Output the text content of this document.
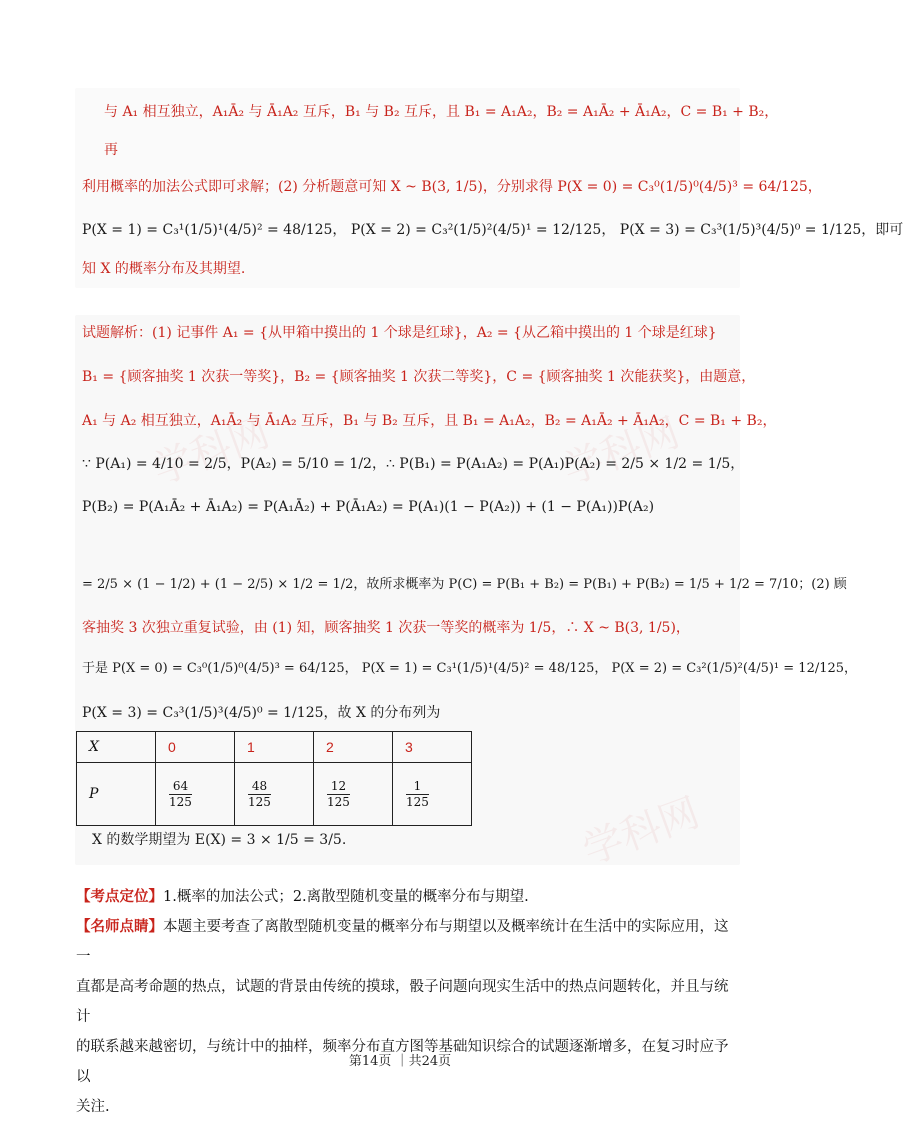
学科网	学科网
学科网
与 A₁ 相互独立，A₁Ā₂ 与 Ā₁A₂ 互斥，B₁ 与 B₂ 互斥，且 B₁ = A₁A₂，B₂ = A₁Ā₂ + Ā₁A₂，C = B₁ + B₂，
再
利用概率的加法公式即可求解；(2) 分析题意可知 X ~ B(3, 1/5)，分别求得 P(X = 0) = C₃⁰(1/5)⁰(4/5)³ = 64/125，
P(X = 1) = C₃¹(1/5)¹(4/5)² = 48/125， P(X = 2) = C₃²(1/5)²(4/5)¹ = 12/125， P(X = 3) = C₃³(1/5)³(4/5)⁰ = 1/125，即可
知 X 的概率分布及其期望.
试题解析：(1) 记事件 A₁ = {从甲箱中摸出的 1 个球是红球}，A₂ = {从乙箱中摸出的 1 个球是红球}
B₁ = {顾客抽奖 1 次获一等奖}，B₂ = {顾客抽奖 1 次获二等奖}，C = {顾客抽奖 1 次能获奖}，由题意，
A₁ 与 A₂ 相互独立，A₁Ā₂ 与 Ā₁A₂ 互斥，B₁ 与 B₂ 互斥，且 B₁ = A₁A₂，B₂ = A₁Ā₂ + Ā₁A₂，C = B₁ + B₂，
∵ P(A₁) = 4/10 = 2/5，P(A₂) = 5/10 = 1/2，∴ P(B₁) = P(A₁A₂) = P(A₁)P(A₂) = 2/5 × 1/2 = 1/5，
P(B₂) = P(A₁Ā₂ + Ā₁A₂) = P(A₁Ā₂) + P(Ā₁A₂) = P(A₁)(1 − P(A₂)) + (1 − P(A₁))P(A₂)
= 2/5 × (1 − 1/2) + (1 − 2/5) × 1/2 = 1/2，故所求概率为 P(C) = P(B₁ + B₂) = P(B₁) + P(B₂) = 1/5 + 1/2 = 7/10；(2) 顾
客抽奖 3 次独立重复试验，由 (1) 知，顾客抽奖 1 次获一等奖的概率为 1/5，∴ X ~ B(3, 1/5)，
于是 P(X = 0) = C₃⁰(1/5)⁰(4/5)³ = 64/125， P(X = 1) = C₃¹(1/5)¹(4/5)² = 48/125， P(X = 2) = C₃²(1/5)²(4/5)¹ = 12/125，
P(X = 3) = C₃³(1/5)³(4/5)⁰ = 1/125，故 X 的分布列为
X	0	1	2	3
P	$\frac{64}{125}$	$\frac{48}{125}$	$\frac{12}{125}$	$\frac{1}{125}$
X 的数学期望为 E(X) = 3 × 1/5 = 3/5.
【考点定位】1.概率的加法公式；2.离散型随机变量的概率分布与期望.
【名师点睛】本题主要考查了离散型随机变量的概率分布与期望以及概率统计在生活中的实际应用，这一
直都是高考命题的热点，试题的背景由传统的摸球，骰子问题向现实生活中的热点问题转化，并且与统计
的联系越来越密切，与统计中的抽样，频率分布直方图等基础知识综合的试题逐渐增多，在复习时应予以
关注.
第14页 ｜共24页
